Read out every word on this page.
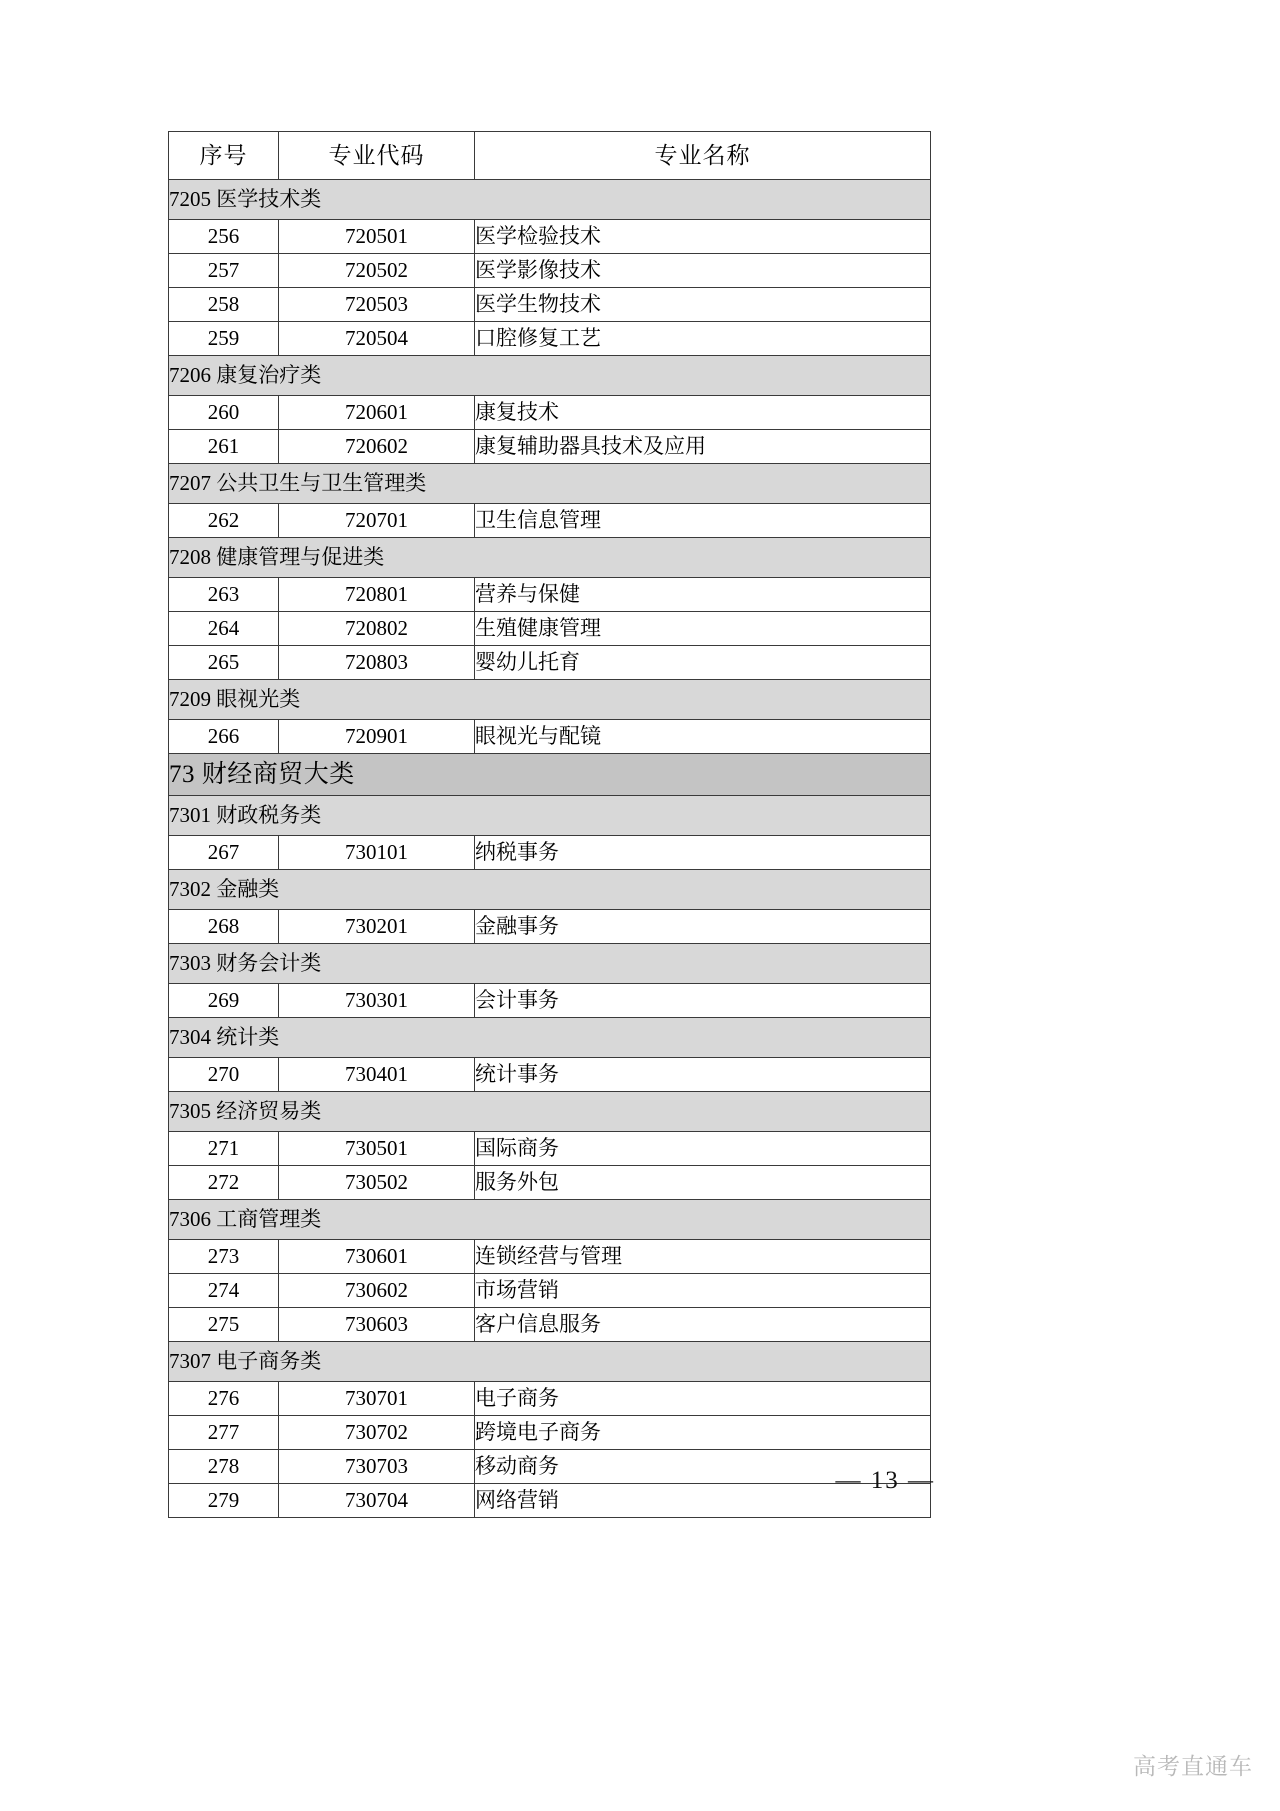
序号	专业代码	专业名称
7205 医学技术类		
256	720501	医学检验技术
257	720502	医学影像技术
258	720503	医学生物技术
259	720504	口腔修复工艺
7206 康复治疗类		
260	720601	康复技术
261	720602	康复辅助器具技术及应用
7207 公共卫生与卫生管理类		
262	720701	卫生信息管理
7208 健康管理与促进类		
263	720801	营养与保健
264	720802	生殖健康管理
265	720803	婴幼儿托育
7209 眼视光类		
266	720901	眼视光与配镜
73 财经商贸大类		
7301 财政税务类		
267	730101	纳税事务
7302 金融类		
268	730201	金融事务
7303 财务会计类		
269	730301	会计事务
7304 统计类		
270	730401	统计事务
7305 经济贸易类		
271	730501	国际商务
272	730502	服务外包
7306 工商管理类		
273	730601	连锁经营与管理
274	730602	市场营销
275	730603	客户信息服务
7307 电子商务类		
276	730701	电子商务
277	730702	跨境电子商务
278	730703	移动商务
279	730704	网络营销
— 13 —
高考直通车
